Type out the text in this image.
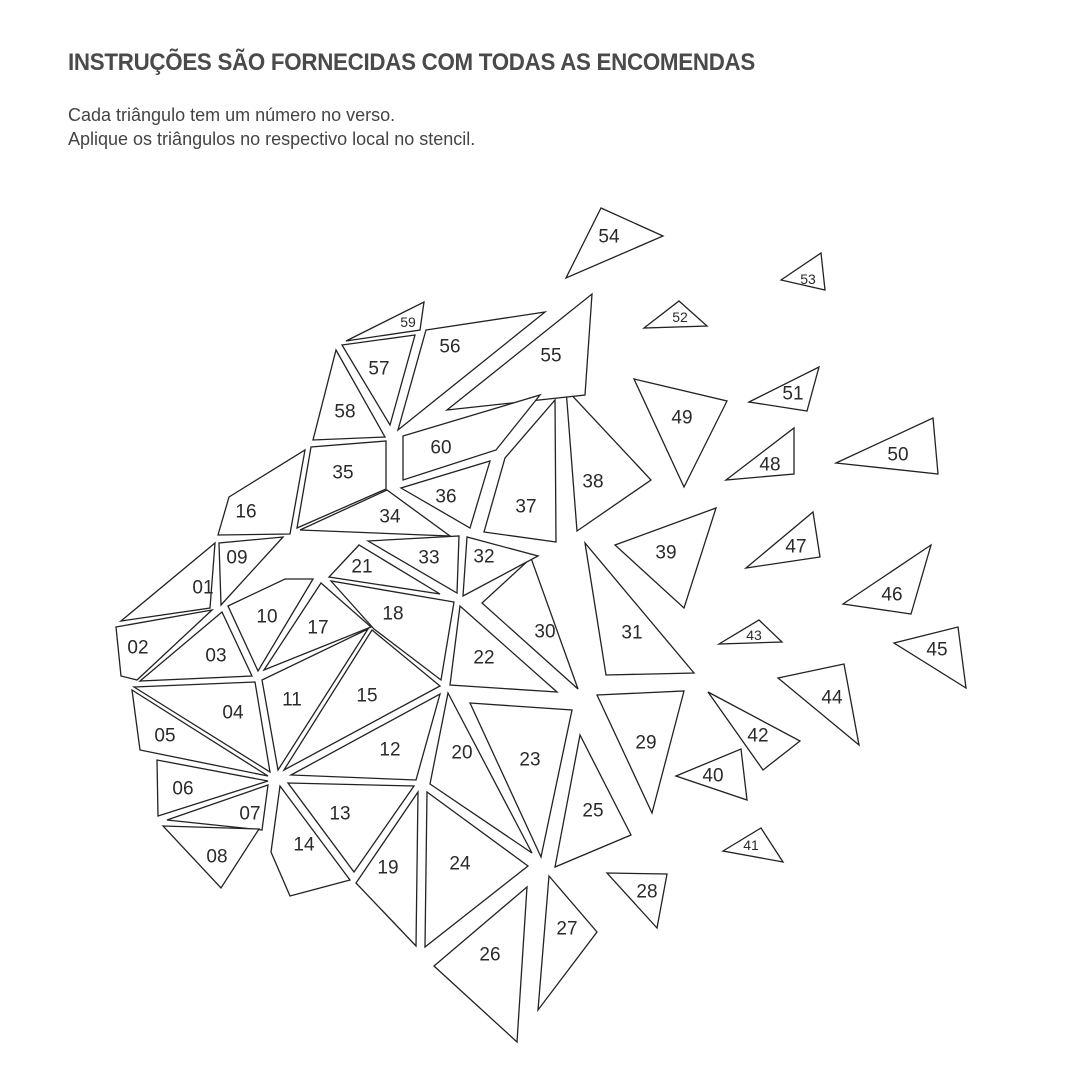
INSTRUÇÕES SÃO FORNECIDAS COM TODAS AS ENCOMENDAS
Cada triângulo tem um número no verso.
Aplique os triângulos no respectivo local no stencil.
01
02	03
04
05
06
07
08
09
10
11
12
13
14
15
16
17
18
19
20
21
22
23
24
25
26
27
28
29
30	31
32
33
34
35
36	37
38
39
40
41
42
43
44
45
46
47
48
49
50
51
52
53
54
55
56
57
58
59
60
